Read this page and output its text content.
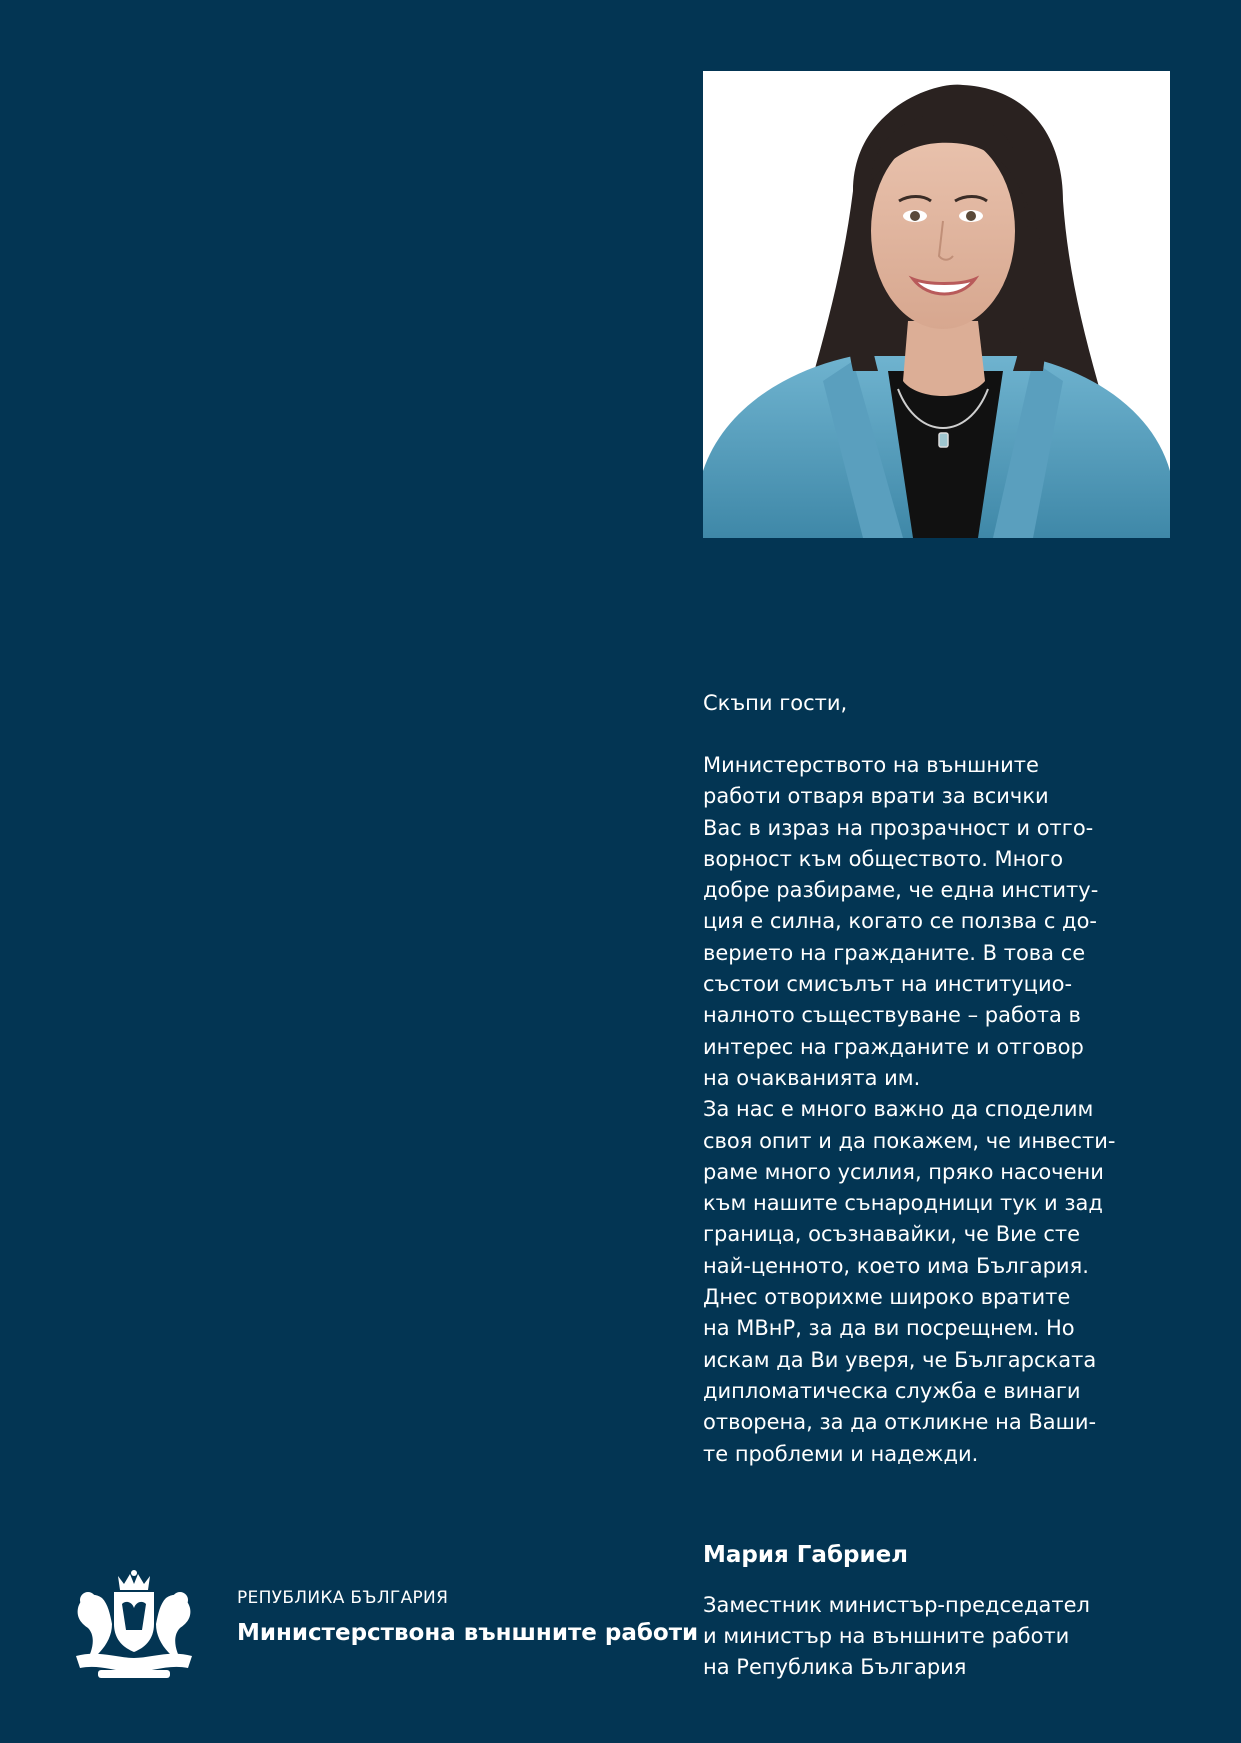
Скъпи гости,

Министерството на външните
работи отваря врати за всички
Вас в израз на прозрачност и отго-
ворност към обществото. Много
добре разбираме, че една институ-
ция е силна, когато се ползва с до-
верието на гражданите. В това се
състои смисълът на институцио-
налното съществуване – работа в
интерес на гражданите и отговор
на очакванията им.
За нас е много важно да споделим
своя опит и да покажем, че инвести-
раме много усилия, пряко насочени
към нашите сънародници тук и зад
граница, осъзнавайки, че Вие сте
най-ценното, което има България.
Днес отворихме широко вратите
на МВнР, за да ви посрещнем. Но
искам да Ви уверя, че Българската
дипломатическа служба е винаги
отворена, за да откликне на Ваши-
те проблеми и надежди.

Мария Габриел

Заместник министър-председател
и министър на външните работи
на Република България
РЕПУБЛИКА БЪЛГАРИЯ
Министерствона външните работи
